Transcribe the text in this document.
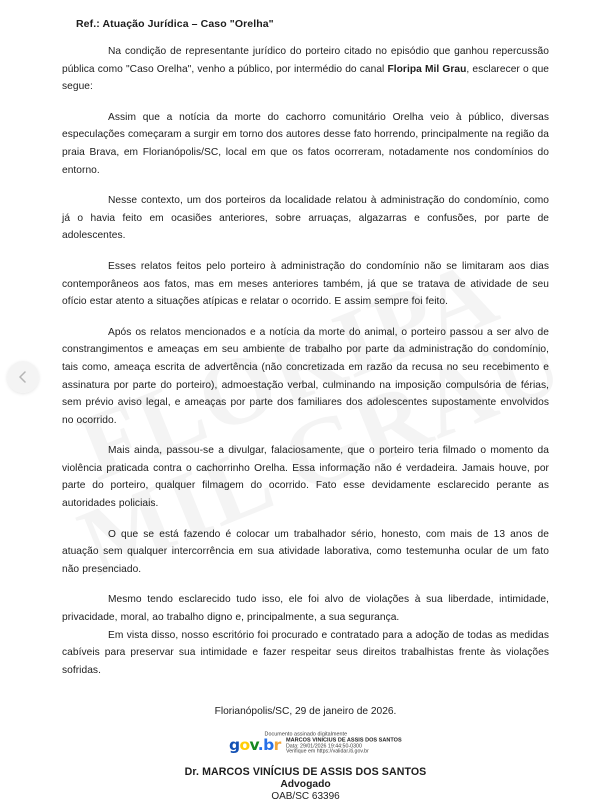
Ref.: Atuação Jurídica – Caso "Orelha"

Na condição de representante jurídico do porteiro citado no episódio que ganhou repercussão pública como "Caso Orelha", venho a público, por intermédio do canal Floripa Mil Grau, esclarecer o que segue:

Assim que a notícia da morte do cachorro comunitário Orelha veio à público, diversas especulações começaram a surgir em torno dos autores desse fato horrendo, principalmente na região da praia Brava, em Florianópolis/SC, local em que os fatos ocorreram, notadamente nos condomínios do entorno.

Nesse contexto, um dos porteiros da localidade relatou à administração do condomínio, como já o havia feito em ocasiões anteriores, sobre arruaças, algazarras e confusões, por parte de adolescentes.

Esses relatos feitos pelo porteiro à administração do condomínio não se limitaram aos dias contemporâneos aos fatos, mas em meses anteriores também, já que se tratava de atividade de seu ofício estar atento a situações atípicas e relatar o ocorrido. E assim sempre foi feito.

Após os relatos mencionados e a notícia da morte do animal, o porteiro passou a ser alvo de constrangimentos e ameaças em seu ambiente de trabalho por parte da administração do condomínio, tais como, ameaça escrita de advertência (não concretizada em razão da recusa no seu recebimento e assinatura por parte do porteiro), admoestação verbal, culminando na imposição compulsória de férias, sem prévio aviso legal, e ameaças por parte dos familiares dos adolescentes supostamente envolvidos no ocorrido.

Mais ainda, passou-se a divulgar, falaciosamente, que o porteiro teria filmado o momento da violência praticada contra o cachorrinho Orelha. Essa informação não é verdadeira. Jamais houve, por parte do porteiro, qualquer filmagem do ocorrido. Fato esse devidamente esclarecido perante as autoridades policiais.

O que se está fazendo é colocar um trabalhador sério, honesto, com mais de 13 anos de atuação sem qualquer intercorrência em sua atividade laborativa, como testemunha ocular de um fato não presenciado.

Mesmo tendo esclarecido tudo isso, ele foi alvo de violações à sua liberdade, intimidade, privacidade, moral, ao trabalho digno e, principalmente, a sua segurança.

Em vista disso, nosso escritório foi procurado e contratado para a adoção de todas as medidas cabíveis para preservar sua intimidade e fazer respeitar seus direitos trabalhistas frente às violações sofridas.

Florianópolis/SC, 29 de janeiro de 2026.
Documento assinado digitalmente
gov.br MARCOS VINICIUS DE ASSIS DOS SANTOS
Data: 29/01/2026 19:44:50-0300
Verifique em https://validar.iti.gov.br
Dr. MARCOS VINÍCIUS DE ASSIS DOS SANTOS
Advogado
OAB/SC 63396
